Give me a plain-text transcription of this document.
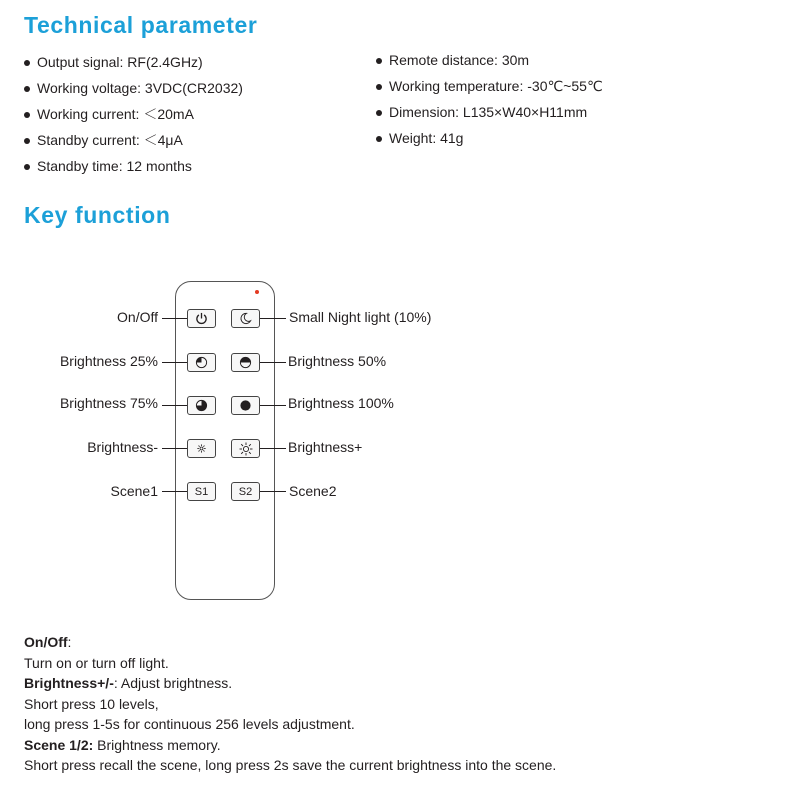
Technical parameter
Output signal: RF(2.4GHz)
Working voltage: 3VDC(CR2032)
Working current: ＜20mA
Standby current: ＜4μA
Standby time: 12 months
Remote distance: 30m
Working temperature: -30℃~55℃
Dimension: L135×W40×H11mm
Weight: 41g
Key function
On/Off	Small Night light (10%)
Brightness 25%	Brightness 50%
Brightness 75%	Brightness 100%
Brightness-	Brightness+
Scene1	S1	S2	Scene2
On/Off:
Turn on or turn off light.
Brightness+/-: Adjust brightness.
Short press 10 levels,
long press 1-5s for continuous 256 levels adjustment.
Scene 1/2: Brightness memory.
Short press recall the scene, long press 2s save the current brightness into the scene.
